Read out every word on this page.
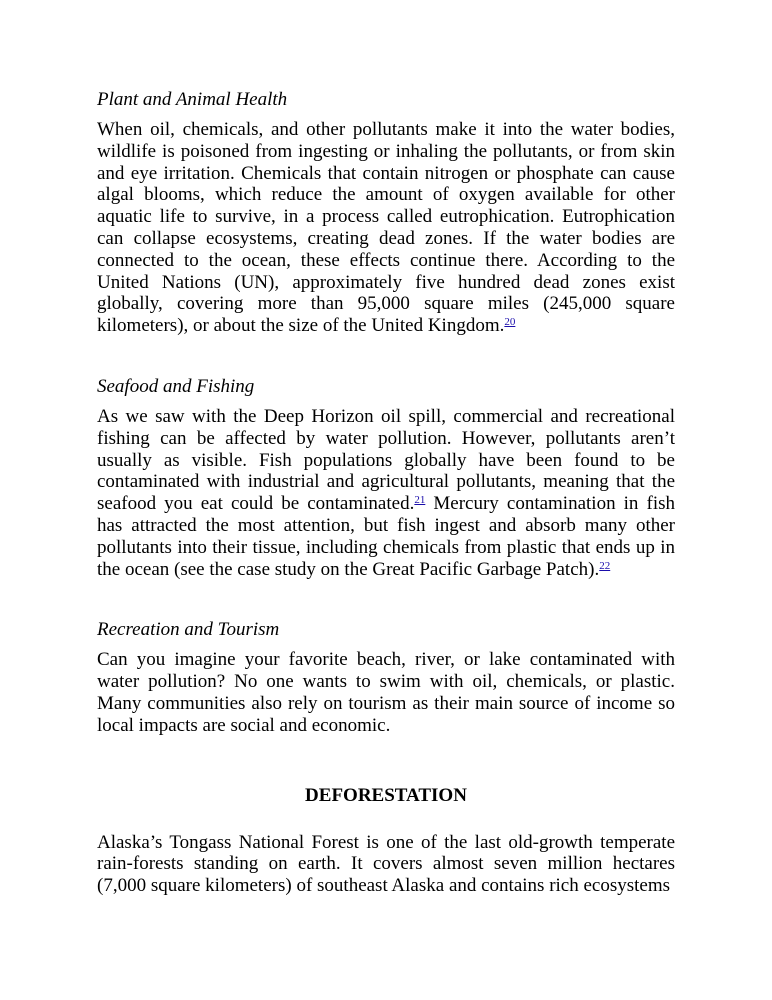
Plant and Animal Health

When oil, chemicals, and other pollutants make it into the water bodies, wildlife is poisoned from ingesting or inhaling the pollutants, or from skin and eye irritation. Chemicals that contain nitrogen or phosphate can cause algal blooms, which reduce the amount of oxygen available for other aquatic life to survive, in a process called eutrophication. Eutrophication can collapse ecosystems, creating dead zones. If the water bodies are connected to the ocean, these effects continue there. According to the United Nations (UN), approximately five hundred dead zones exist globally, covering more than 95,000 square miles (245,000 square kilometers), or about the size of the United Kingdom.$^{20}$

Seafood and Fishing

As we saw with the Deep Horizon oil spill, commercial and recreational fishing can be affected by water pollution. However, pollutants aren’t usually as visible. Fish populations globally have been found to be contaminated with industrial and agricultural pollutants, meaning that the seafood you eat could be contaminated.$^{21}$ Mercury contamination in fish has attracted the most attention, but fish ingest and absorb many other pollutants into their tissue, including chemicals from plastic that ends up in the ocean (see the case study on the Great Pacific Garbage Patch).$^{22}$

Recreation and Tourism

Can you imagine your favorite beach, river, or lake contaminated with water pollution? No one wants to swim with oil, chemicals, or plastic. Many communities also rely on tourism as their main source of income so local impacts are social and economic.

DEFORESTATION

Alaska’s Tongass National Forest is one of the last old-growth temperate rain-forests standing on earth. It covers almost seven million hectares (7,000 square kilometers) of southeast Alaska and contains rich ecosystems
